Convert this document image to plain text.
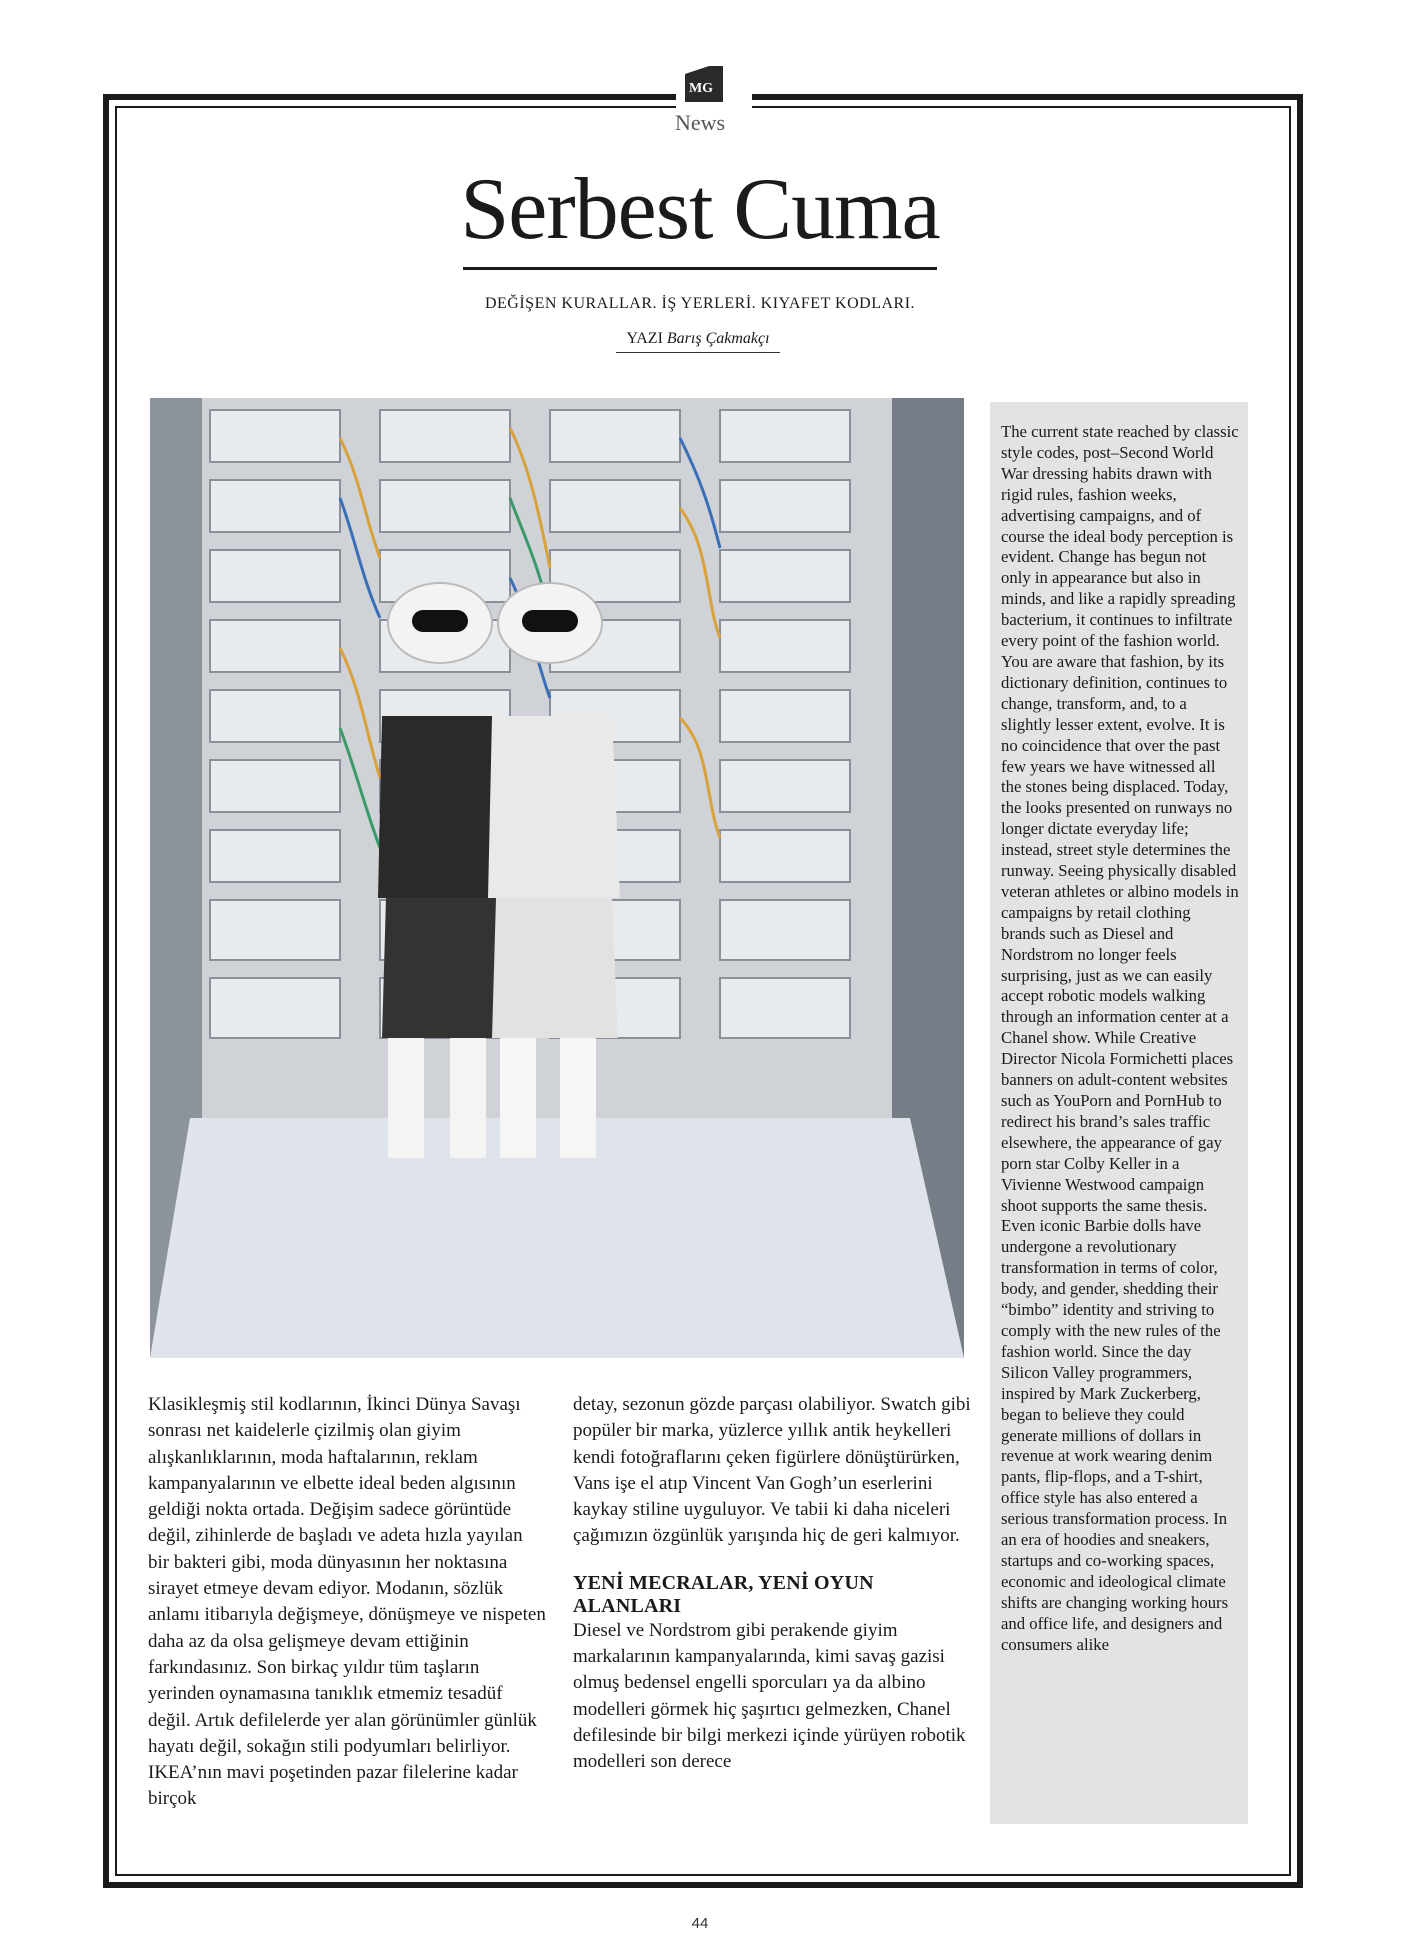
MG
News
Serbest Cuma
DEĞİŞEN KURALLAR. İŞ YERLERİ. KIYAFET KODLARI.
YAZI Barış Çakmakçı

The current state reached by classic style codes, post–Second World War dressing habits drawn with rigid rules, fashion weeks, advertising campaigns, and of course the ideal body perception is evident. Change has begun not only in appearance but also in minds, and like a rapidly spreading bacterium, it continues to infiltrate every point of the fashion world. You are aware that fashion, by its dictionary definition, continues to change, transform, and, to a slightly lesser extent, evolve. It is no coincidence that over the past few years we have witnessed all the stones being displaced. Today, the looks presented on runways no longer dictate everyday life; instead, street style determines the runway. Seeing physically disabled veteran athletes or albino models in campaigns by retail clothing brands such as Diesel and Nordstrom no longer feels surprising, just as we can easily accept robotic models walking through an information center at a Chanel show. While Creative Director Nicola Formichetti places banners on adult-content websites such as YouPorn and PornHub to redirect his brand’s sales traffic elsewhere, the appearance of gay porn star Colby Keller in a Vivienne Westwood campaign shoot supports the same thesis. Even iconic Barbie dolls have undergone a revolutionary transformation in terms of color, body, and gender, shedding their “bimbo” identity and striving to comply with the new rules of the fashion world. Since the day Silicon Valley programmers, inspired by Mark Zuckerberg, began to believe they could generate millions of dollars in revenue at work wearing denim pants, flip-flops, and a T-shirt, office style has also entered a serious transformation process. In an era of hoodies and sneakers, startups and co-working spaces, economic and ideological climate shifts are changing working hours and office life, and designers and consumers alike

Klasikleşmiş stil kodlarının, İkinci Dünya Savaşı sonrası net kaidelerle çizilmiş olan giyim alışkanlıklarının, moda haftalarının, reklam kampanyalarının ve elbette ideal beden algısının geldiği nokta ortada. Değişim sadece görüntüde değil, zihinlerde de başladı ve adeta hızla yayılan bir bakteri gibi, moda dünyasının her noktasına sirayet etmeye devam ediyor. Modanın, sözlük anlamı itibarıyla değişmeye, dönüşmeye ve nispeten daha az da olsa gelişmeye devam ettiğinin farkındasınız. Son birkaç yıldır tüm taşların yerinden oynamasına tanıklık etmemiz tesadüf değil. Artık defilelerde yer alan görünümler günlük hayatı değil, sokağın stili podyumları belirliyor. IKEA’nın mavi poşetinden pazar filelerine kadar birçok

detay, sezonun gözde parçası olabiliyor. Swatch gibi popüler bir marka, yüzlerce yıllık antik heykelleri kendi fotoğraflarını çeken figürlere dönüştürürken, Vans işe el atıp Vincent Van Gogh’un eserlerini kaykay stiline uyguluyor. Ve tabii ki daha niceleri çağımızın özgünlük yarışında hiç de geri kalmıyor.

YENİ MECRALAR, YENİ OYUN ALANLARI

Diesel ve Nordstrom gibi perakende giyim markalarının kampanyalarında, kimi savaş gazisi olmuş bedensel engelli sporcuları ya da albino modelleri görmek hiç şaşırtıcı gelmezken, Chanel defilesinde bir bilgi merkezi içinde yürüyen robotik modelleri son derece

44
